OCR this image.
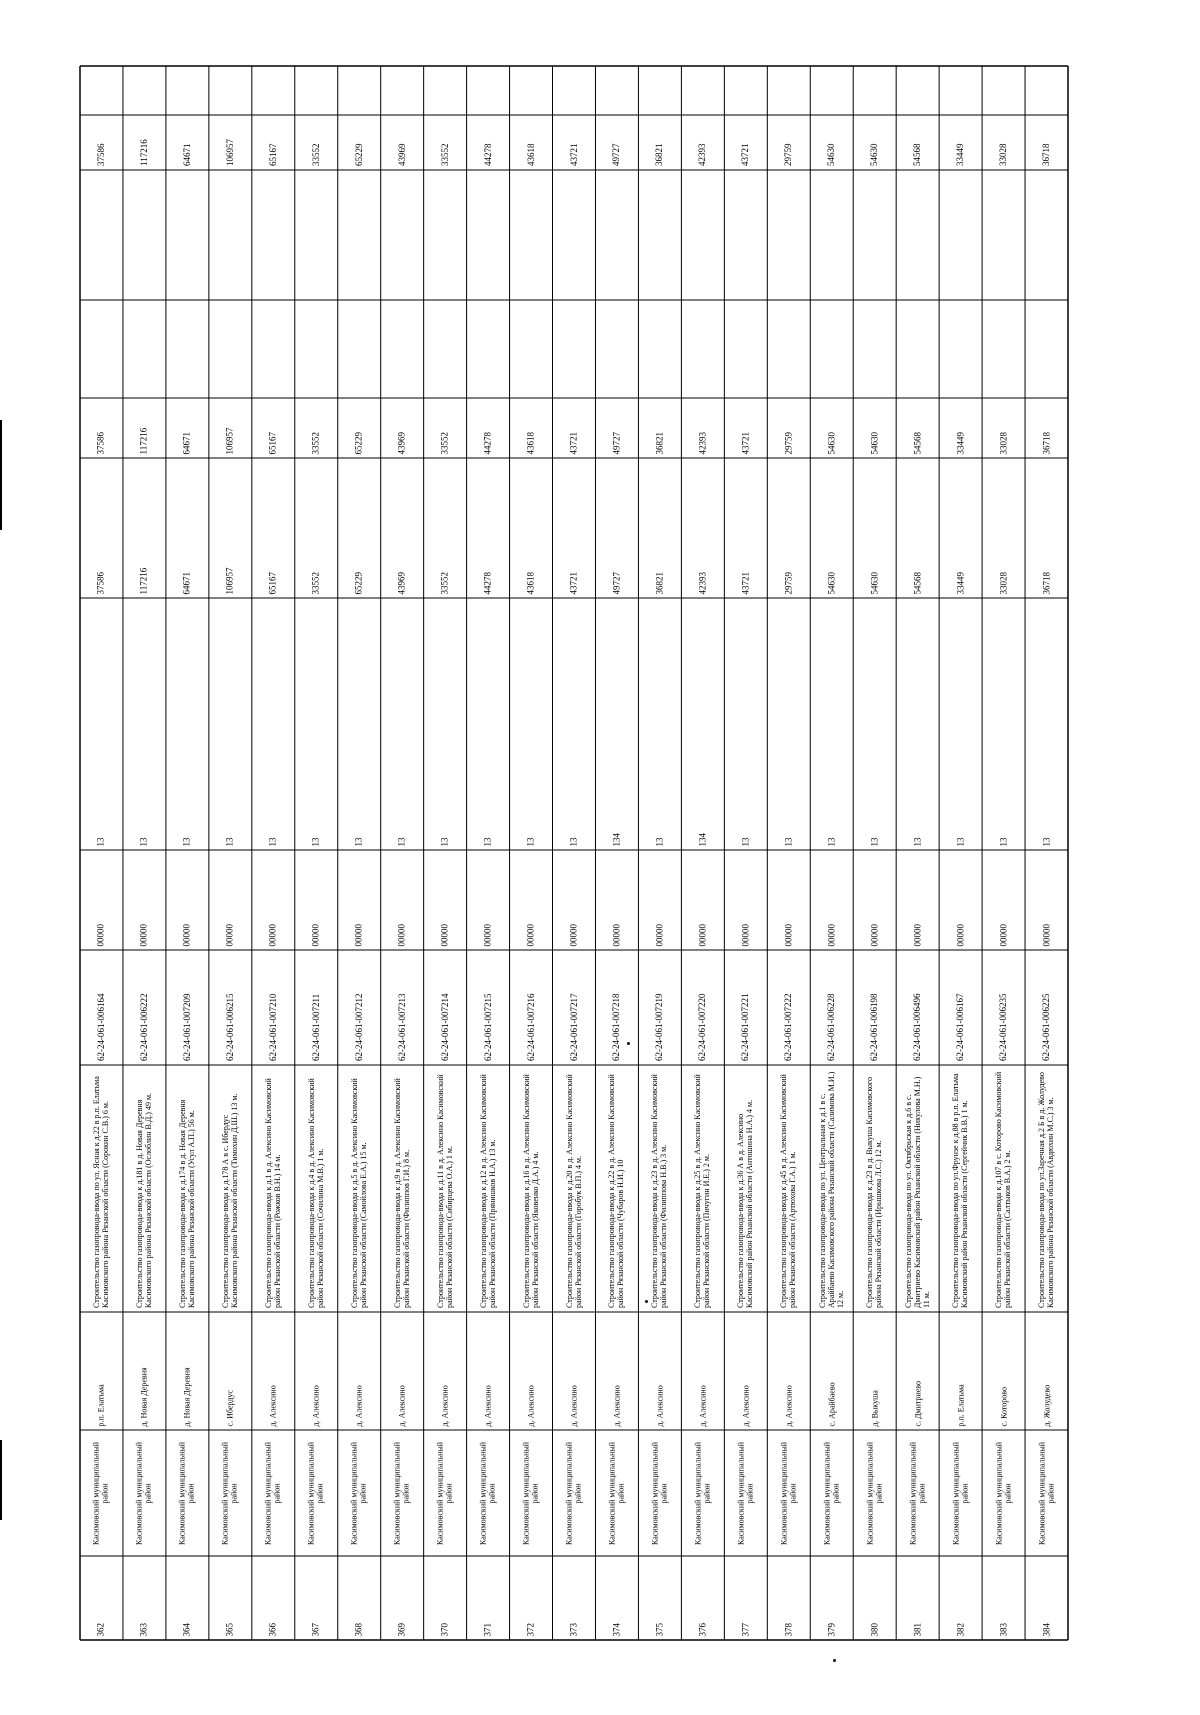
362
Касимовский муниципальный район
р.п. Елатьма
Строительство газопровода-ввода по ул. Ясная к д.22 в р.п. Елатьма Касимовского района Рязанской области (Сорокин С.В.) 6 м.
62-24-061-006164
00000
13
37586
37586
37586
363
Касимовский муниципальный район
д. Новая Деревня
Строительство газопровода-ввода к д.181 в д. Новая Деревня Касимовского района Рязанской области (Ослоблин В.Д.) 49 м.
62-24-061-006222
00000
13
117216
117216
117216
364
Касимовский муниципальный район
д. Новая Деревня
Строительство газопровода-ввода к д.174 в д. Новая Деревня Касимовского района Рязанской области (Усул А.П.) 56 м.
62-24-061-007209
00000
13
64671
64671
64671
365
Касимовский муниципальный район
с. Ибердус
Строительство газопровода-ввода к д.178 А в с. Ибердус Касимовского района Рязанской области (Тимохин Д.Ш.) 13 м.
62-24-061-006215
00000
13
106957
106957
106957
366
Касимовский муниципальный район
д. Алексино
Строительство газопровода-ввода к д.1 в д. Алексино Касимовский район Рязанской области (Рожков В.Н.) 14 м.
62-24-061-007210
00000
13
65167
65167
65167
367
Касимовский муниципальный район
д. Алексино
Строительство газопровода-ввода к д.4 в д. Алексино Касимовский район Рязанской области (Сочилина М.В.) 1 м.
62-24-061-007211
00000
13
33552
33552
33552
368
Касимовский муниципальный район
д. Алексино
Строительство газопровода-ввода к д.5 в д. Алексино Касимовский район Рязанской области (Самойлова Е.А.) 15 м.
62-24-061-007212
00000
13
65229
65229
65229
369
Касимовский муниципальный район
д. Алексино
Строительство газопровода-ввода к д.9 в д. Алексино Касимовский район Рязанской области (Филиппов Г.И.) 8 м.
62-24-061-007213
00000
13
43969
43969
43969
370
Касимовский муниципальный район
д. Алексино
Строительство газопровода-ввода к д.11 в д. Алексино Касимовский район Рязанской области (Сибирцева О.А.) 1 м.
62-24-061-007214
00000
13
33552
33552
33552
371
Касимовский муниципальный район
д. Алексино
Строительство газопровода-ввода к д.12 в д. Алексино Касимовский район Рязанской области (Прянишков Н.А.) 13 м.
62-24-061-007215
00000
13
44278
44278
44278
372
Касимовский муниципальный район
д. Алексино
Строительство газопровода-ввода к д.16 в д. Алексино Касимовский район Рязанской области (Яковенко Д.А.) 4 м.
62-24-061-007216
00000
13
43618
43618
43618
373
Касимовский муниципальный район
д. Алексино
Строительство газопровода-ввода к д.20 в д. Алексино Касимовский район Рязанской области (Горобук В.П.) 4 м.
62-24-061-007217
00000
13
43721
43721
43721
374
Касимовский муниципальный район
д. Алексино
Строительство газопровода-ввода к д.22 в д. Алексино Касимовский район Рязанской области (Чубаров Н.И.) 10
62-24-061-007218
00000
134
49727
49727
49727
375
Касимовский муниципальный район
д. Алексино
Строительство газопровода-ввода к д.23 в д. Алексино Касимовский район Рязанской области (Филиппова Н.В.) 3 м.
62-24-061-007219
00000
13
36821
36821
36821
376
Касимовский муниципальный район
д. Алексино
Строительство газопровода-ввода к д.25 в д. Алексино Касимовский район Рязанской области (Пичугин И.Е.) 2 м.
62-24-061-007220
00000
134
42393
42393
42393
377
Касимовский муниципальный район
д. Алексино
Строительство газопровода-ввода к д.36 А в д. Алексино Касимовский район Рязанской области (Антошина Н.А.) 4 м.
62-24-061-007221
00000
13
43721
43721
43721
378
Касимовский муниципальный район
д. Алексино
Строительство газопровода-ввода к д.45 в д. Алексино Касимовский район Рязанской области (Артюхова Г.А.) 1 м.
62-24-061-007222
00000
13
29759
29759
29759
379
Касимовский муниципальный район
с. Арайбаево
Строительство газопровода-ввода по ул. Центральная к д.1 в с. Арайбаево Касимовского района Рязанской области (Салимова М.И.) 12 м.
62-24-061-006228
00000
13
54630
54630
54630
380
Касимовский муниципальный район
д. Выкуша
Строительство газопровода-ввода к д.23 в д. Выкуша Касимовского района Рязанской области (Ирышкова Л.С.) 12 м.
62-24-061-006198
00000
13
54630
54630
54630
381
Касимовский муниципальный район
с. Дмитриево
Строительство газопровода-ввода по ул. Октябрьская к д.6 в с. Дмитриево Касимовский район Рязанской области (Никулова М.Н.) 11 м.
62-24-061-006496
00000
13
54568
54568
54568
382
Касимовский муниципальный район
р.п. Елатьма
Строительство газопровода-ввода по ул.Фрунзе к д.88 в р.п. Елатьма Касимовский район Рязанской области (Сергейчик В.В.) 1 м.
62-24-061-006167
00000
13
33449
33449
33449
383
Касимовский муниципальный район
с. Которово
Строительство газопровода-ввода к д.107 в с. Которово Касимовский район Рязанской области (Салтыков В.А.) 2 м.
62-24-061-006235
00000
13
33028
33028
33028
384
Касимовский муниципальный район
д. Жолудево
Строительство газопровода-ввода по ул.Заречная д.2 Б в д. Жолудево Касимовского района Рязанской области (Авдюхин М.С.) 3 м.
62-24-061-006225
00000
13
36718
36718
36718
